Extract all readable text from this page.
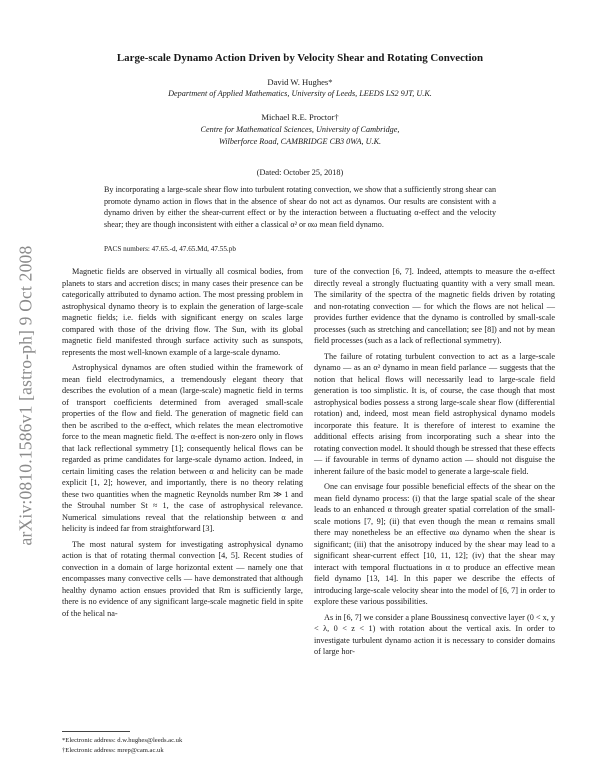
arXiv:0810.1586v1 [astro-ph] 9 Oct 2008
Large-scale Dynamo Action Driven by Velocity Shear and Rotating Convection
David W. Hughes*
Department of Applied Mathematics, University of Leeds, LEEDS LS2 9JT, U.K.
Michael R.E. Proctor†
Centre for Mathematical Sciences, University of Cambridge,
Wilberforce Road, CAMBRIDGE CB3 0WA, U.K.
(Dated: October 25, 2018)
By incorporating a large-scale shear flow into turbulent rotating convection, we show that a sufficiently strong shear can promote dynamo action in flows that in the absence of shear do not act as dynamos. Our results are consistent with a dynamo driven by either the shear-current effect or by the interaction between a fluctuating α-effect and the velocity shear; they are though inconsistent with either a classical α² or αω mean field dynamo.
PACS numbers: 47.65.-d, 47.65.Md, 47.55.pb

Magnetic fields are observed in virtually all cosmical bodies, from planets to stars and accretion discs; in many cases their presence can be categorically attributed to dynamo action. The most pressing problem in astrophysical dynamo theory is to explain the generation of large-scale magnetic fields; i.e. fields with significant energy on scales large compared with those of the driving flow. The Sun, with its global magnetic field manifested through surface activity such as sunspots, represents the most well-known example of a large-scale dynamo.

Astrophysical dynamos are often studied within the framework of mean field electrodynamics, a tremendously elegant theory that describes the evolution of a mean (large-scale) magnetic field in terms of transport coefficients determined from averaged small-scale properties of the flow and field. The generation of magnetic field can then be ascribed to the α-effect, which relates the mean electromotive force to the mean magnetic field. The α-effect is non-zero only in flows that lack reflectional symmetry [1]; consequently helical flows can be regarded as prime candidates for large-scale dynamo action. Indeed, in certain limiting cases the relation between α and helicity can be made explicit [1, 2]; however, and importantly, there is no theory relating these two quantities when the magnetic Reynolds number Rm ≫ 1 and the Strouhal number St ≈ 1, the case of astrophysical relevance. Numerical simulations reveal that the relationship between α and helicity is indeed far from straightforward [3].

The most natural system for investigating astrophysical dynamo action is that of rotating thermal convection [4, 5]. Recent studies of convection in a domain of large horizontal extent — namely one that encompasses many convective cells — have demonstrated that although healthy dynamo action ensues provided that Rm is sufficiently large, there is no evidence of any significant large-scale magnetic field in spite of the helical na-

ture of the convection [6, 7]. Indeed, attempts to measure the α-effect directly reveal a strongly fluctuating quantity with a very small mean. The similarity of the spectra of the magnetic fields driven by rotating and non-rotating convection — for which the flows are not helical — provides further evidence that the dynamo is controlled by small-scale processes (such as stretching and cancellation; see [8]) and not by mean field processes (such as a lack of reflectional symmetry).

The failure of rotating turbulent convection to act as a large-scale dynamo — as an α² dynamo in mean field parlance — suggests that the notion that helical flows will necessarily lead to large-scale field generation is too simplistic. It is, of course, the case though that most astrophysical bodies possess a strong large-scale shear flow (differential rotation) and, indeed, most mean field astrophysical dynamo models incorporate this feature. It is therefore of interest to examine the additional effects arising from incorporating such a shear into the rotating convection model. It should though be stressed that these effects — if favourable in terms of dynamo action — should not disguise the inherent failure of the basic model to generate a large-scale field.

One can envisage four possible beneficial effects of the shear on the mean field dynamo process: (i) that the large spatial scale of the shear leads to an enhanced α through greater spatial correlation of the small-scale motions [7, 9]; (ii) that even though the mean α remains small there may nonetheless be an effective αω dynamo when the shear is significant; (iii) that the anisotropy induced by the shear may lead to a significant shear-current effect [10, 11, 12]; (iv) that the shear may interact with temporal fluctuations in α to produce an effective mean field dynamo [13, 14]. In this paper we describe the effects of introducing large-scale velocity shear into the model of [6, 7] in order to explore these various possibilities.

As in [6, 7] we consider a plane Boussinesq convective layer (0 < x, y < λ, 0 < z < 1) with rotation about the vertical axis. In order to investigate turbulent dynamo action it is necessary to consider domains of large hor-

*Electronic address: d.w.hughes@leeds.ac.uk
†Electronic address: mrep@cam.ac.uk
